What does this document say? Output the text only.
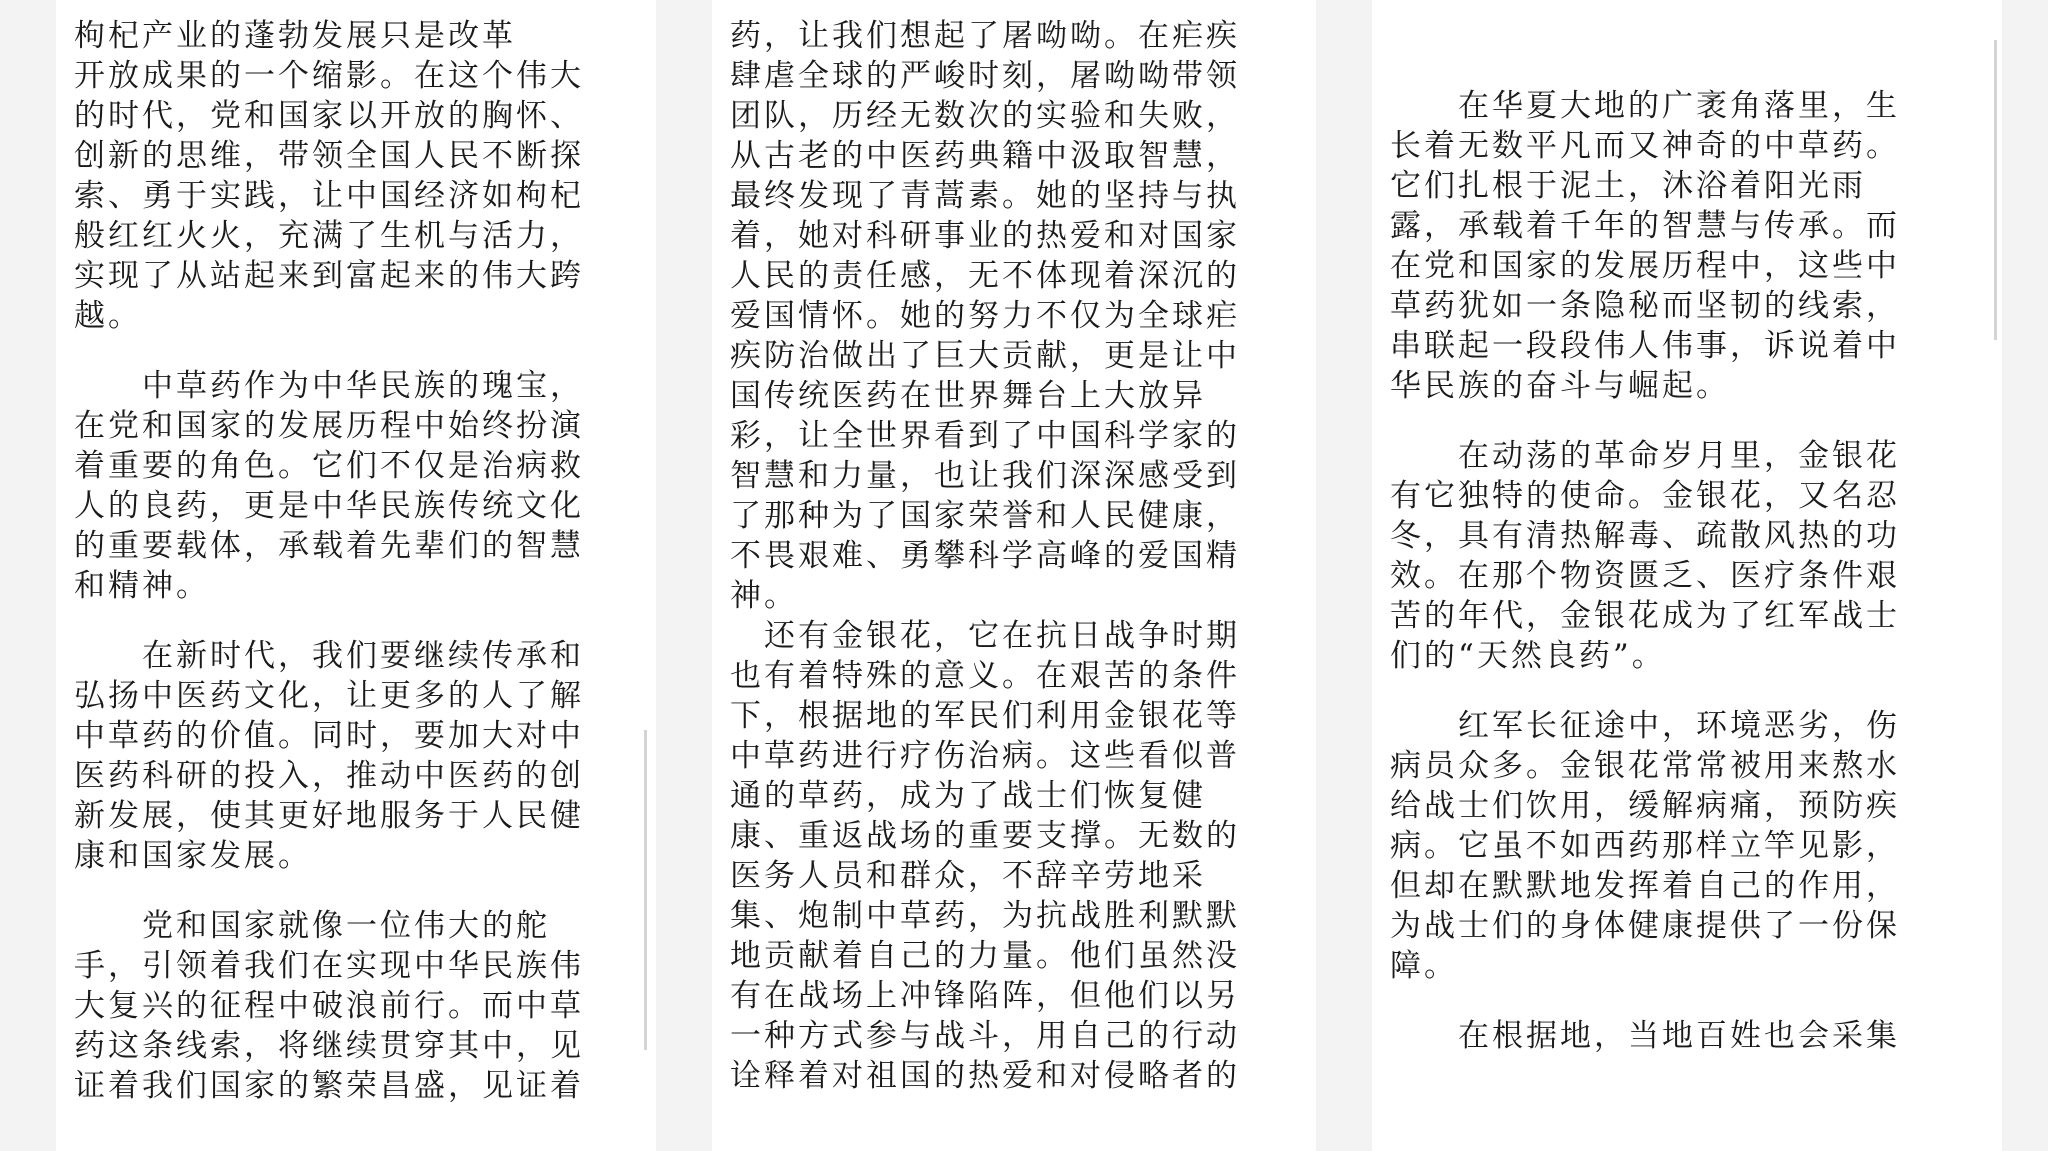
枸杞产业的蓬勃发展只是改革
开放成果的一个缩影。在这个伟大
的时代，党和国家以开放的胸怀、
创新的思维，带领全国人民不断探
索、勇于实践，让中国经济如枸杞
般红红火火，充满了生机与活力，
实现了从站起来到富起来的伟大跨
越。
　　中草药作为中华民族的瑰宝，
在党和国家的发展历程中始终扮演
着重要的角色。它们不仅是治病救
人的良药，更是中华民族传统文化
的重要载体，承载着先辈们的智慧
和精神。
　　在新时代，我们要继续传承和
弘扬中医药文化，让更多的人了解
中草药的价值。同时，要加大对中
医药科研的投入，推动中医药的创
新发展，使其更好地服务于人民健
康和国家发展。
　　党和国家就像一位伟大的舵
手，引领着我们在实现中华民族伟
大复兴的征程中破浪前行。而中草
药这条线索，将继续贯穿其中，见
证着我们国家的繁荣昌盛，见证着
药，让我们想起了屠呦呦。在疟疾
肆虐全球的严峻时刻，屠呦呦带领
团队，历经无数次的实验和失败，
从古老的中医药典籍中汲取智慧，
最终发现了青蒿素。她的坚持与执
着，她对科研事业的热爱和对国家
人民的责任感，无不体现着深沉的
爱国情怀。她的努力不仅为全球疟
疾防治做出了巨大贡献，更是让中
国传统医药在世界舞台上大放异
彩，让全世界看到了中国科学家的
智慧和力量，也让我们深深感受到
了那种为了国家荣誉和人民健康，
不畏艰难、勇攀科学高峰的爱国精
神。
　还有金银花，它在抗日战争时期
也有着特殊的意义。在艰苦的条件
下，根据地的军民们利用金银花等
中草药进行疗伤治病。这些看似普
通的草药，成为了战士们恢复健
康、重返战场的重要支撑。无数的
医务人员和群众，不辞辛劳地采
集、炮制中草药，为抗战胜利默默
地贡献着自己的力量。他们虽然没
有在战场上冲锋陷阵，但他们以另
一种方式参与战斗，用自己的行动
诠释着对祖国的热爱和对侵略者的
　　在华夏大地的广袤角落里，生
长着无数平凡而又神奇的中草药。
它们扎根于泥土，沐浴着阳光雨
露，承载着千年的智慧与传承。而
在党和国家的发展历程中，这些中
草药犹如一条隐秘而坚韧的线索，
串联起一段段伟人伟事，诉说着中
华民族的奋斗与崛起。
　　在动荡的革命岁月里，金银花
有它独特的使命。金银花，又名忍
冬，具有清热解毒、疏散风热的功
效。在那个物资匮乏、医疗条件艰
苦的年代，金银花成为了红军战士
们的“天然良药”。
　　红军长征途中，环境恶劣，伤
病员众多。金银花常常被用来熬水
给战士们饮用，缓解病痛，预防疾
病。它虽不如西药那样立竿见影，
但却在默默地发挥着自己的作用，
为战士们的身体健康提供了一份保
障。
　　在根据地，当地百姓也会采集
